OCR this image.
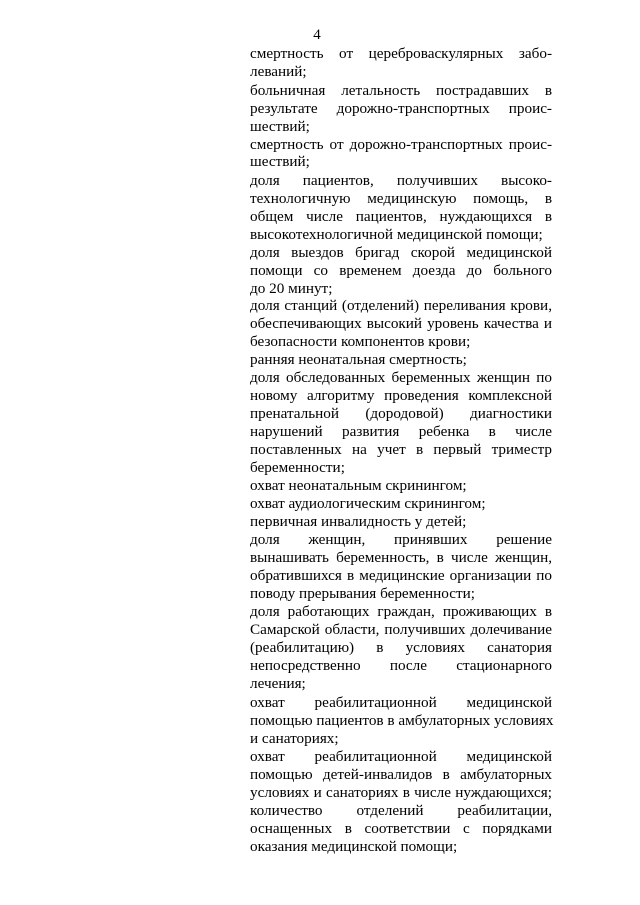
4
смертность от цереброваскулярных забо-
леваний;
больничная летальность пострадавших в
результате дорожно-транспортных проис-
шествий;
смертность от дорожно-транспортных проис-
шествий;
доля пациентов, получивших высоко-
технологичную медицинскую помощь, в
общем числе пациентов, нуждающихся в
высокотехнологичной медицинской помощи;
доля выездов бригад скорой медицинской
помощи со временем доезда до больного
до 20 минут;
доля станций (отделений) переливания крови,
обеспечивающих высокий уровень качества и
безопасности компонентов крови;
ранняя неонатальная смертность;
доля обследованных беременных женщин по
новому алгоритму проведения комплексной
пренатальной (дородовой) диагностики
нарушений развития ребенка в числе
поставленных на учет в первый триместр
беременности;
охват неонатальным скринингом;
охват аудиологическим скринингом;
первичная инвалидность у детей;
доля женщин, принявших решение
вынашивать беременность, в числе женщин,
обратившихся в медицинские организации по
поводу прерывания беременности;
доля работающих граждан, проживающих в
Самарской области, получивших долечивание
(реабилитацию) в условиях санатория
непосредственно после стационарного
лечения;
охват реабилитационной медицинской
помощью пациентов в амбулаторных условиях
и санаториях;
охват реабилитационной медицинской
помощью детей-инвалидов в амбулаторных
условиях и санаториях в числе нуждающихся;
количество отделений реабилитации,
оснащенных в соответствии с порядками
оказания медицинской помощи;
